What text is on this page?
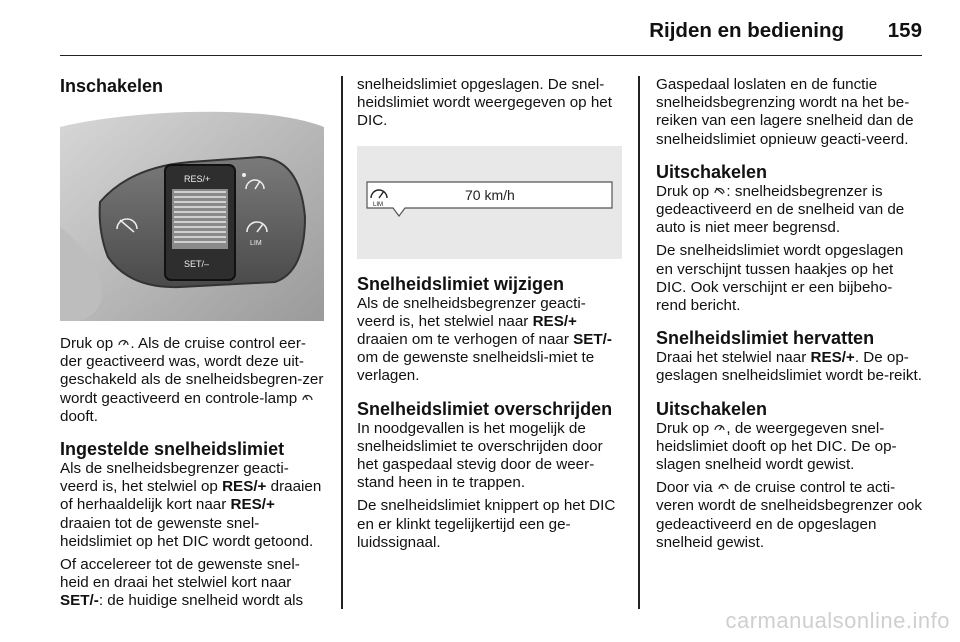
Rijden en bediening 159
Inschakelen
RES/+
SET/–
LIM

Druk op . Als de cruise control eer-der geactiveerd was, wordt deze uit-geschakeld als de snelheidsbegren-zer wordt geactiveerd en controle-lamp  dooft.

Ingestelde snelheidslimiet

Als de snelheidsbegrenzer geacti-veerd is, het stelwiel op RES/+ draaien of herhaaldelijk kort naar RES/+ draaien tot de gewenste snel-heidslimiet op het DIC wordt getoond.

Of accelereer tot de gewenste snel-heid en draai het stelwiel kort naar SET/-: de huidige snelheid wordt als

snelheidslimiet opgeslagen. De snel-heidslimiet wordt weergegeven op het DIC.

LIM
70 km/h
Snelheidslimiet wijzigen

Als de snelheidsbegrenzer geacti-veerd is, het stelwiel naar RES/+ draaien om te verhogen of naar SET/- om de gewenste snelheidsli-miet te verlagen.

Snelheidslimiet overschrijden

In noodgevallen is het mogelijk de snelheidslimiet te overschrijden door het gaspedaal stevig door de weer-stand heen in te trappen.

De snelheidslimiet knippert op het DIC en er klinkt tegelijkertijd een ge-luidssignaal.

Gaspedaal loslaten en de functie snelheidsbegrenzing wordt na het be-reiken van een lagere snelheid dan de snelheidslimiet opnieuw geacti-veerd.

Uitschakelen

Druk op : snelheidsbegrenzer is gedeactiveerd en de snelheid van de auto is niet meer begrensd.

De snelheidslimiet wordt opgeslagen en verschijnt tussen haakjes op het DIC. Ook verschijnt er een bijbeho-rend bericht.

Snelheidslimiet hervatten

Draai het stelwiel naar RES/+. De op-geslagen snelheidslimiet wordt be-reikt.

Uitschakelen

Druk op , de weergegeven snel-heidslimiet dooft op het DIC. De op-slagen snelheid wordt gewist.

Door via  de cruise control te acti-veren wordt de snelheidsbegrenzer ook gedeactiveerd en de opgeslagen snelheid gewist.

carmanualsonline.info
